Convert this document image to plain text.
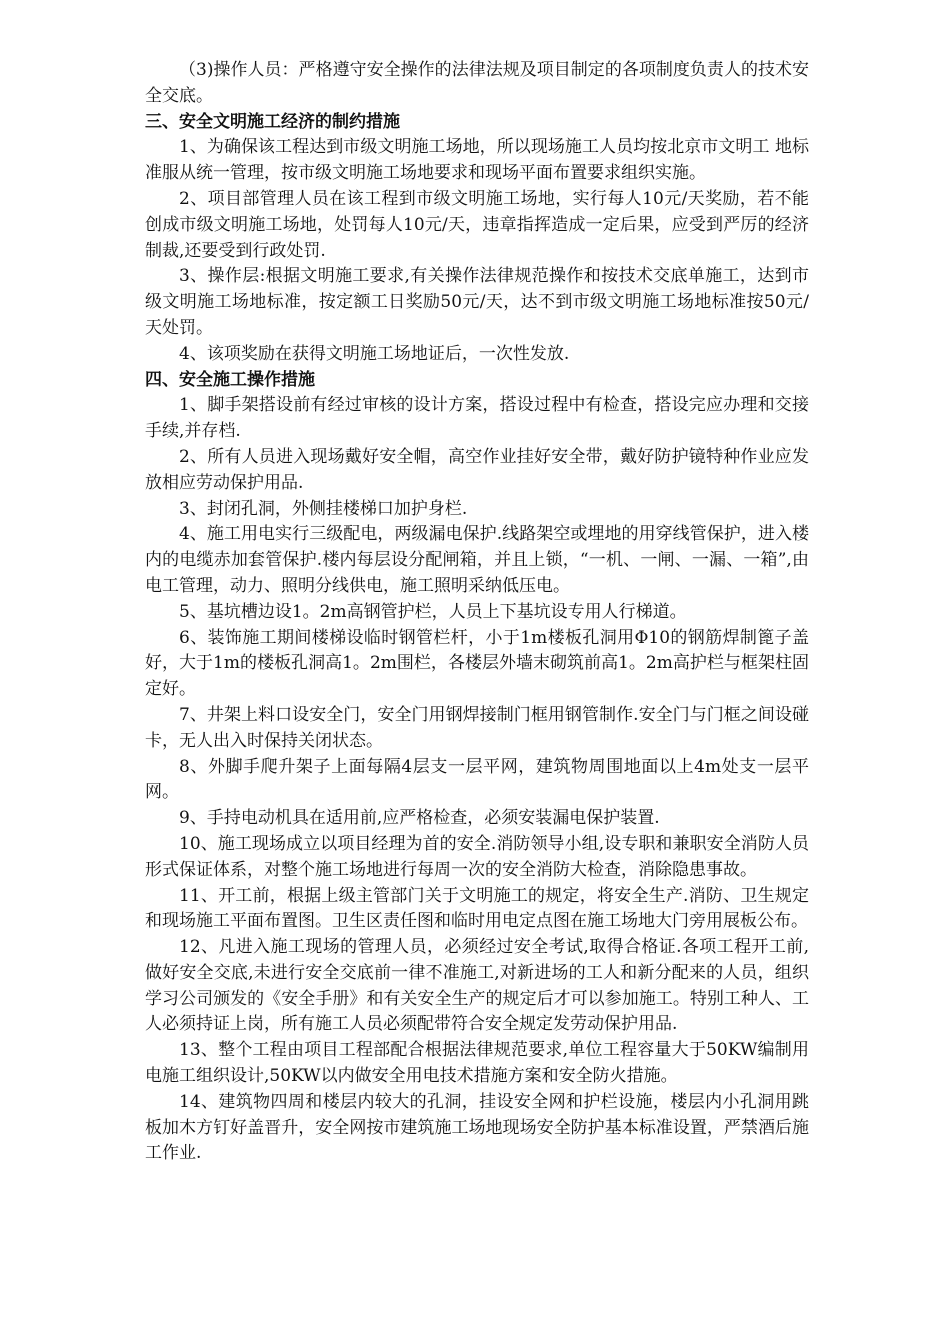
（3)操作人员：严格遵守安全操作的法律法规及项目制定的各项制度负责人的技术安全交底。

三、安全文明施工经济的制约措施

1、为确保该工程达到市级文明施工场地，所以现场施工人员均按北京市文明工 地标准服从统一管理，按市级文明施工场地要求和现场平面布置要求组织实施。

2、项目部管理人员在该工程到市级文明施工场地，实行每人10元/天奖励，若不能创成市级文明施工场地，处罚每人10元/天，违章指挥造成一定后果，应受到严厉的经济制裁,还要受到行政处罚.

3、操作层:根据文明施工要求,有关操作法律规范操作和按技术交底单施工，达到市级文明施工场地标准，按定额工日奖励50元/天，达不到市级文明施工场地标准按50元/天处罚。

4、该项奖励在获得文明施工场地证后，一次性发放.

四、安全施工操作措施

1、脚手架搭设前有经过审核的设计方案，搭设过程中有检查，搭设完应办理和交接手续,并存档.

2、所有人员进入现场戴好安全帽，高空作业挂好安全带，戴好防护镜特种作业应发放相应劳动保护用品.

3、封闭孔洞，外侧挂楼梯口加护身栏.

4、施工用电实行三级配电，两级漏电保护.线路架空或埋地的用穿线管保护，进入楼内的电缆赤加套管保护.楼内每层设分配闸箱，并且上锁，“一机、一闸、一漏、一箱”,由电工管理，动力、照明分线供电，施工照明采纳低压电。

5、基坑槽边设1。2m高钢管护栏，人员上下基坑设专用人行梯道。

6、装饰施工期间楼梯设临时钢管栏杆，小于1m楼板孔洞用Φ10的钢筋焊制篦子盖好，大于1m的楼板孔洞高1。2m围栏，各楼层外墙末砌筑前高1。2m高护栏与框架柱固定好。

7、井架上料口设安全门，安全门用钢焊接制门框用钢管制作.安全门与门框之间设碰卡，无人出入时保持关闭状态。

8、外脚手爬升架子上面每隔4层支一层平网，建筑物周围地面以上4m处支一层平网。

9、手持电动机具在适用前,应严格检查，必须安装漏电保护装置.

10、施工现场成立以项目经理为首的安全.消防领导小组,设专职和兼职安全消防人员形式保证体系，对整个施工场地进行每周一次的安全消防大检查，消除隐患事故。

11、开工前，根据上级主管部门关于文明施工的规定，将安全生产.消防、卫生规定和现场施工平面布置图。卫生区责任图和临时用电定点图在施工场地大门旁用展板公布。

12、凡进入施工现场的管理人员，必须经过安全考试,取得合格证.各项工程开工前,做好安全交底,未进行安全交底前一律不准施工,对新进场的工人和新分配来的人员，组织学习公司颁发的《安全手册》和有关安全生产的规定后才可以参加施工。特别工种人、工人必须持证上岗，所有施工人员必须配带符合安全规定发劳动保护用品.

13、整个工程由项目工程部配合根据法律规范要求,单位工程容量大于50KW编制用电施工组织设计,50KW以内做安全用电技术措施方案和安全防火措施。

14、建筑物四周和楼层内较大的孔洞，挂设安全网和护栏设施，楼层内小孔洞用跳板加木方钉好盖晋升，安全网按市建筑施工场地现场安全防护基本标准设置，严禁酒后施工作业.
